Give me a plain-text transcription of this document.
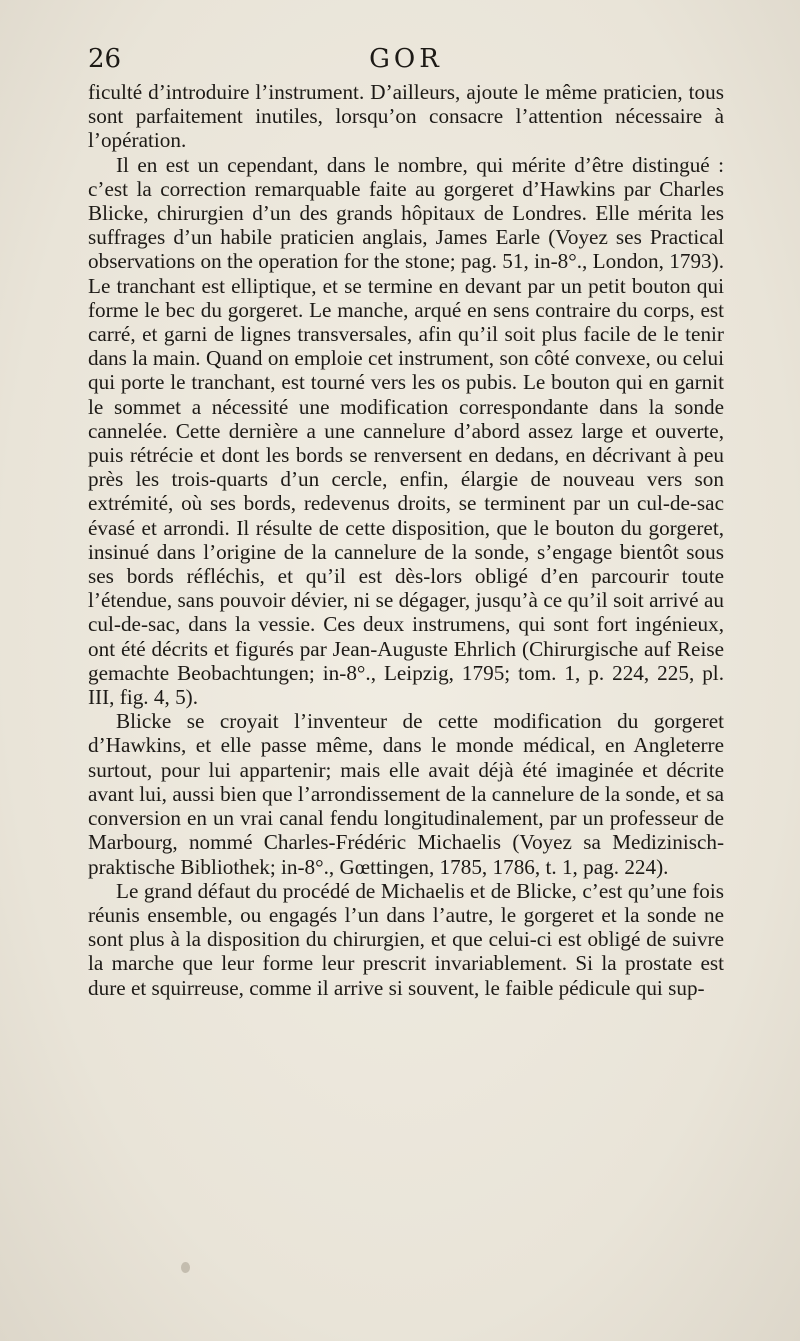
26	GOR

ficulté d’introduire l’instrument. D’ailleurs, ajoute le même praticien, tous sont parfaitement inutiles, lorsqu’on consacre l’attention nécessaire à l’opération.

Il en est un cependant, dans le nombre, qui mérite d’être distingué : c’est la correction remarquable faite au gorgeret d’Hawkins par Charles Blicke, chirurgien d’un des grands hôpitaux de Londres. Elle mérita les suffrages d’un habile praticien anglais, James Earle (Voyez ses Practical observations on the operation for the stone; pag. 51, in-8°., London, 1793). Le tranchant est elliptique, et se termine en devant par un petit bouton qui forme le bec du gorgeret. Le manche, arqué en sens contraire du corps, est carré, et garni de lignes transversales, afin qu’il soit plus facile de le tenir dans la main. Quand on emploie cet instrument, son côté convexe, ou celui qui porte le tranchant, est tourné vers les os pubis. Le bouton qui en garnit le sommet a nécessité une modification correspondante dans la sonde cannelée. Cette dernière a une cannelure d’abord assez large et ouverte, puis rétrécie et dont les bords se renversent en dedans, en décrivant à peu près les trois-quarts d’un cercle, enfin, élargie de nouveau vers son extrémité, où ses bords, redevenus droits, se terminent par un cul-de-sac évasé et arrondi. Il résulte de cette disposition, que le bouton du gorgeret, insinué dans l’origine de la cannelure de la sonde, s’engage bientôt sous ses bords réfléchis, et qu’il est dès-lors obligé d’en parcourir toute l’étendue, sans pouvoir dévier, ni se dégager, jusqu’à ce qu’il soit arrivé au cul-de-sac, dans la vessie. Ces deux instrumens, qui sont fort ingénieux, ont été décrits et figurés par Jean-Auguste Ehrlich (Chirurgische auf Reise gemachte Beobachtungen; in-8°., Leipzig, 1795; tom. 1, p. 224, 225, pl. III, fig. 4, 5).

Blicke se croyait l’inventeur de cette modification du gorgeret d’Hawkins, et elle passe même, dans le monde médical, en Angleterre surtout, pour lui appartenir; mais elle avait déjà été imaginée et décrite avant lui, aussi bien que l’arrondissement de la cannelure de la sonde, et sa conversion en un vrai canal fendu longitudinalement, par un professeur de Marbourg, nommé Charles-Frédéric Michaelis (Voyez sa Medizinisch-praktische Bibliothek; in-8°., Gœttingen, 1785, 1786, t. 1, pag. 224).

Le grand défaut du procédé de Michaelis et de Blicke, c’est qu’une fois réunis ensemble, ou engagés l’un dans l’autre, le gorgeret et la sonde ne sont plus à la disposition du chirurgien, et que celui-ci est obligé de suivre la marche que leur forme leur prescrit invariablement. Si la prostate est dure et squirreuse, comme il arrive si souvent, le faible pédicule qui sup-
